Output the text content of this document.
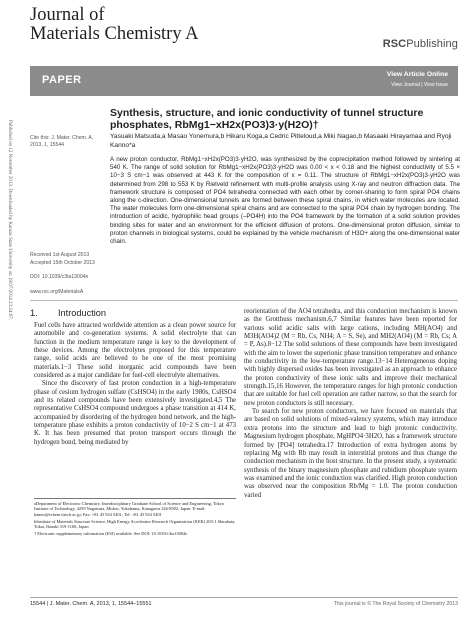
Journal of
Materials Chemistry A	RSCPublishing
PAPER	View Article Online
View Journal | View Issue
Published on 12 November 2013. Downloaded by Kansas State University on 19/07/2014 23:24:07.	Cite this: J. Mater. Chem. A, 2013, 1, 15544
Synthesis, structure, and ionic conductivity of tunnel structure phosphates, RbMg1−xH2x(PO3)3·y(H2O)†
Yasuaki Matsuda,a Masao Yonemura,b Hikaru Koga,a Cedric Pitteloud,a Miki Nagao,b Masaaki Hirayamaa and Ryoji Kanno*a
A new proton conductor, RbMg1−xH2x(PO3)3·yH2O, was synthesized by the coprecipitation method followed by sintering at 540 K. The range of solid solution for RbMg1−xH2x(PO3)3·yH2O was 0.00 < x < 0.18 and the highest conductivity of 5.5 × 10−3 S cm−1 was observed at 443 K for the composition of x = 0.11. The structure of RbMg1−xH2x(PO3)3·yH2O was determined from 298 to 553 K by Rietveld refinement with multi-profile analysis using X-ray and neutron diffraction data. The framework structure is composed of PO4 tetrahedra connected with each other by corner-sharing to form spiral PO4 chains along the c-direction. One-dimensional tunnels are formed between these spiral chains, in which water molecules are located. The water molecules form one-dimensional spiral chains and are connected to the spiral PO4 chain by hydrogen bonding. The introduction of acidic, hydrophilic head groups (–PO4H) into the PO4 framework by the formation of a solid solution provides binding sites for water and an environment for the efficient diffusion of protons. One-dimensional proton diffusion, similar to proton channels in biological systems, could be explained by the vehicle mechanism of H3O+ along the one-dimensional water chain.
Received 1st August 2013
Accepted 15th October 2013
DOI: 10.1039/c3ta13004e
www.rsc.org/MaterialsA
1. Introduction

Fuel cells have attracted worldwide attention as a clean power source for automobile and co-generation systems. A solid electrolyte that can function in the medium temperature range is key to the development of these devices. Among the electrolytes proposed for this temperature range, solid acids are believed to be one of the most promising materials.1−3 These solid inorganic acid compounds have been considered as a major candidate for fuel-cell electrolyte alternatives.

Since the discovery of fast proton conduction in a high-temperature phase of cesium hydrogen sulfate (CsHSO4) in the early 1980s, CsHSO4 and its related compounds have been extensively investigated.4,5 The representative CsHSO4 compound undergoes a phase transition at 414 K, accompanied by disordering of the hydrogen bond network, and the high-temperature phase exhibits a proton conductivity of 10−2 S cm−1 at 473 K. It has been presumed that proton transport occurs through the hydrogen bond, being mediated by

reorientation of the AO4 tetrahedra, and this conduction mechanism is known as the Grotthuss mechanism.6,7 Similar features have been reported for various solid acidic salts with large cations, including MH(AO4) and M3H(AO4)2 (M = Rb, Cs, NH4; A = S, Se), and MH2(AO4) (M = Rb, Cs; A = P, As).8−12 The solid solutions of these compounds have been investigated with the aim to lower the superionic phase transition temperature and enhance the conductivity in the low-temperature range.13−14 Heterogeneous doping with highly dispersed oxides has been investigated as an approach to enhance the proton conductivity of these ionic salts and improve their mechanical strength.15,16 However, the temperature ranges for high protonic conduction that are suitable for fuel cell operation are rather narrow, so that the search for new proton conductors is still necessary.

To search for new proton conductors, we have focused on materials that are based on solid solutions of mixed-valency systems, which may introduce extra protons into the structure and lead to high protonic conductivity. Magnesium hydrogen phosphate, MgHPO4·3H2O, has a framework structure formed by [PO4] tetrahedra.17 Introduction of extra hydrogen atoms by replacing Mg with Rb may result in interstitial protons and thus change the conduction mechanism in the host structure. In the present study, a systematic synthesis of the binary magnesium phosphate and rubidium phosphate system was examined and the ionic conduction was clarified. High proton conduction was observed near the composition Rb/Mg = 1.0. The proton conduction varied

aDepartment of Electronic Chemistry, Interdisciplinary Graduate School of Science and Engineering, Tokyo Institute of Technology, 4259 Nagatsuta, Midori, Yokohama, Kanagawa 226-8502, Japan. E-mail: kanno@echem.titech.ac.jp; Fax: +81 45 924 5401; Tel: +81 45 924 5401

bInstitute of Materials Structure Science, High Energy Accelerator Research Organization (KEK) 203-1 Shirakata, Tokai, Ibaraki 319-1106, Japan

† Electronic supplementary information (ESI) available. See DOI: 10.1039/c3ta13004e

15544 | J. Mater. Chem. A, 2013, 1, 15544–15551	This journal is © The Royal Society of Chemistry 2013
